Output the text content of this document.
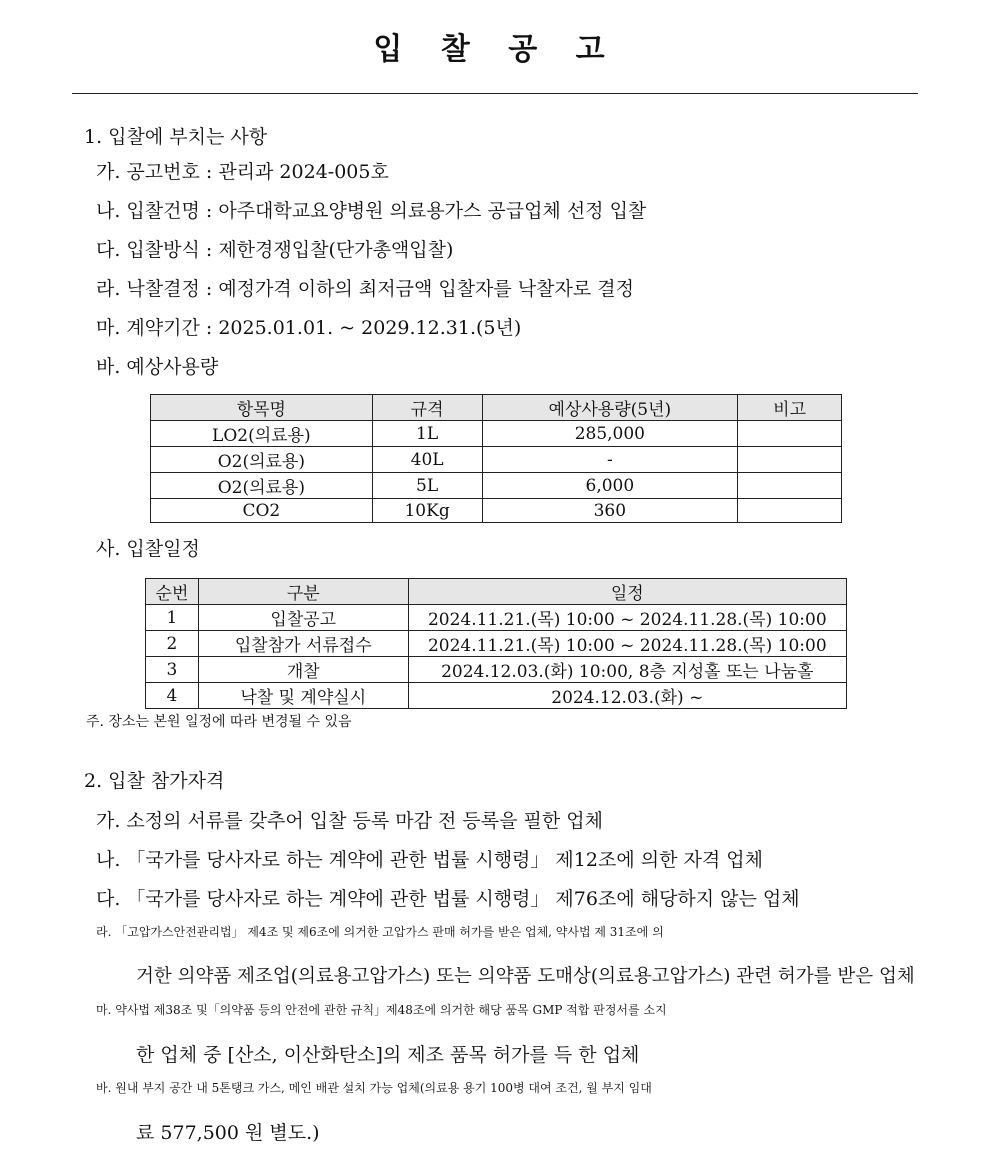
입 찰 공 고
1. 입찰에 부치는 사항
가. 공고번호 : 관리과 2024-005호
나. 입찰건명 : 아주대학교요양병원 의료용가스 공급업체 선정 입찰
다. 입찰방식 : 제한경쟁입찰(단가총액입찰)
라. 낙찰결정 : 예정가격 이하의 최저금액 입찰자를 낙찰자로 결정
마. 계약기간 : 2025.01.01. ~ 2029.12.31.(5년)
바. 예상사용량
항목명	규격	예상사용량(5년)	비고
LO2(의료용)	1L	285,000	
O2(의료용)	40L	-	
O2(의료용)	5L	6,000	
CO2	10Kg	360	
사. 입찰일정
순번	구분	일정
1	입찰공고	2024.11.21.(목) 10:00 ~ 2024.11.28.(목) 10:00
2	입찰참가 서류접수	2024.11.21.(목) 10:00 ~ 2024.11.28.(목) 10:00
3	개찰	2024.12.03.(화) 10:00, 8층 지성홀 또는 나눔홀
4	낙찰 및 계약실시	2024.12.03.(화) ~
주. 장소는 본원 일정에 따라 변경될 수 있음
2. 입찰 참가자격
가. 소정의 서류를 갖추어 입찰 등록 마감 전 등록을 필한 업체
나. 「국가를 당사자로 하는 계약에 관한 법률 시행령」 제12조에 의한 자격 업체
다. 「국가를 당사자로 하는 계약에 관한 법률 시행령」 제76조에 해당하지 않는 업체
라. 「고압가스안전관리법」 제4조 및 제6조에 의거한 고압가스 판매 허가를 받은 업체, 약사법 제 31조에 의
거한 의약품 제조업(의료용고압가스) 또는 의약품 도매상(의료용고압가스) 관련 허가를 받은 업체
마. 약사법 제38조 및「의약품 등의 안전에 관한 규칙」제48조에 의거한 해당 품목 GMP 적합 판정서를 소지
한 업체 중 [산소, 이산화탄소]의 제조 품목 허가를 득 한 업체
바. 원내 부지 공간 내 5톤탱크 가스, 메인 배관 설치 가능 업체(의료용 용기 100병 대여 조건, 월 부지 임대
료 577,500 원 별도.)
